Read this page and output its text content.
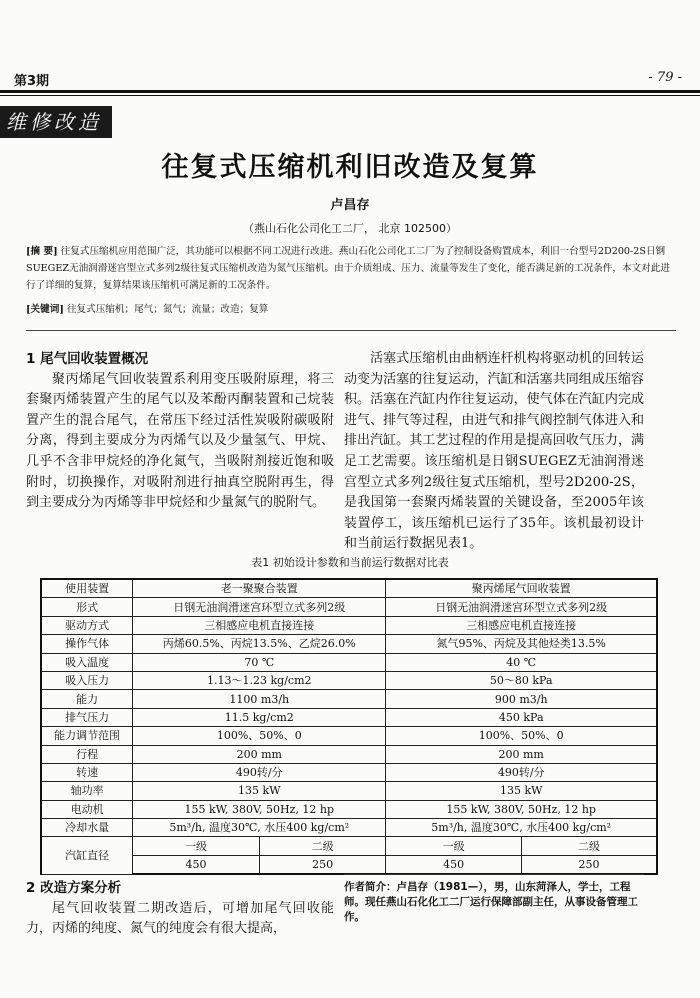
第3期	- 79 -
维修改造
往复式压缩机利旧改造及复算
卢昌存
（燕山石化公司化工二厂， 北京 102500）
[摘 要] 往复式压缩机应用范围广泛，其功能可以根据不同工况进行改进。燕山石化公司化工二厂为了控制设备购置成本，利旧一台型号2D200-2S日钢SUEGEZ无油润滑迷宫型立式多列2级往复式压缩机改造为氮气压缩机。由于介质组成、压力、流量等发生了变化，能否满足新的工况条件，本文对此进行了详细的复算，复算结果该压缩机可满足新的工况条件。
[关键词] 往复式压缩机；尾气；氮气；流量；改造；复算
1 尾气回收装置概况
聚丙烯尾气回收装置系利用变压吸附原理，将三套聚丙烯装置产生的尾气以及苯酚丙酮装置和己烷装置产生的混合尾气，在常压下经过活性炭吸附碳吸附分离，得到主要成分为丙烯气以及少量氢气、甲烷、几乎不含非甲烷烃的净化氮气，当吸附剂接近饱和吸附时，切换操作，对吸附剂进行抽真空脱附再生，得到主要成分为丙烯等非甲烷烃和少量氮气的脱附气。
活塞式压缩机由曲柄连杆机构将驱动机的回转运动变为活塞的往复运动，汽缸和活塞共同组成压缩容积。活塞在汽缸内作往复运动，使气体在汽缸内完成进气、排气等过程，由进气和排气阀控制气体进入和排出汽缸。其工艺过程的作用是提高回收气压力，满足工艺需要。该压缩机是日钢SUEGEZ无油润滑迷宫型立式多列2级往复式压缩机，型号2D200-2S，是我国第一套聚丙烯装置的关键设备，至2005年该装置停工，该压缩机已运行了35年。该机最初设计和当前运行数据见表1。
表1 初始设计参数和当前运行数据对比表
使用装置	老一聚聚合装置		聚丙烯尾气回收装置	
形式	日钢无油润滑迷宫环型立式多列2级		日钢无油润滑迷宫环型立式多列2级	
驱动方式	三相感应电机直接连接		三相感应电机直接连接	
操作气体	丙烯60.5%、丙烷13.5%、乙烷26.0%		氮气95%、丙烷及其他烃类13.5%	
吸入温度	70 ℃		40 ℃	
吸入压力	1.13～1.23 kg/cm2		50～80 kPa	
能力	1100 m3/h		900 m3/h	
排气压力	11.5 kg/cm2		450 kPa	
能力调节范围	100%、50%、0		100%、50%、0	
行程	200 mm		200 mm	
转速	490转/分		490转/分	
轴功率	135 kW		135 kW	
电动机	155 kW, 380V, 50Hz, 12 hp		155 kW, 380V, 50Hz, 12 hp	
冷却水量	5m³/h, 温度30℃, 水压400 kg/cm²		5m³/h, 温度30℃, 水压400 kg/cm²	
汽缸直径	一级	二级	一级	二级
	450	250	450	250
2 改造方案分析
尾气回收装置二期改造后，可增加尾气回收能力，丙烯的纯度、氮气的纯度会有很大提高，
作者简介：卢昌存（1981—），男，山东菏泽人，学士，工程师。现任燕山石化化工二厂运行保障部副主任，从事设备管理工作。
